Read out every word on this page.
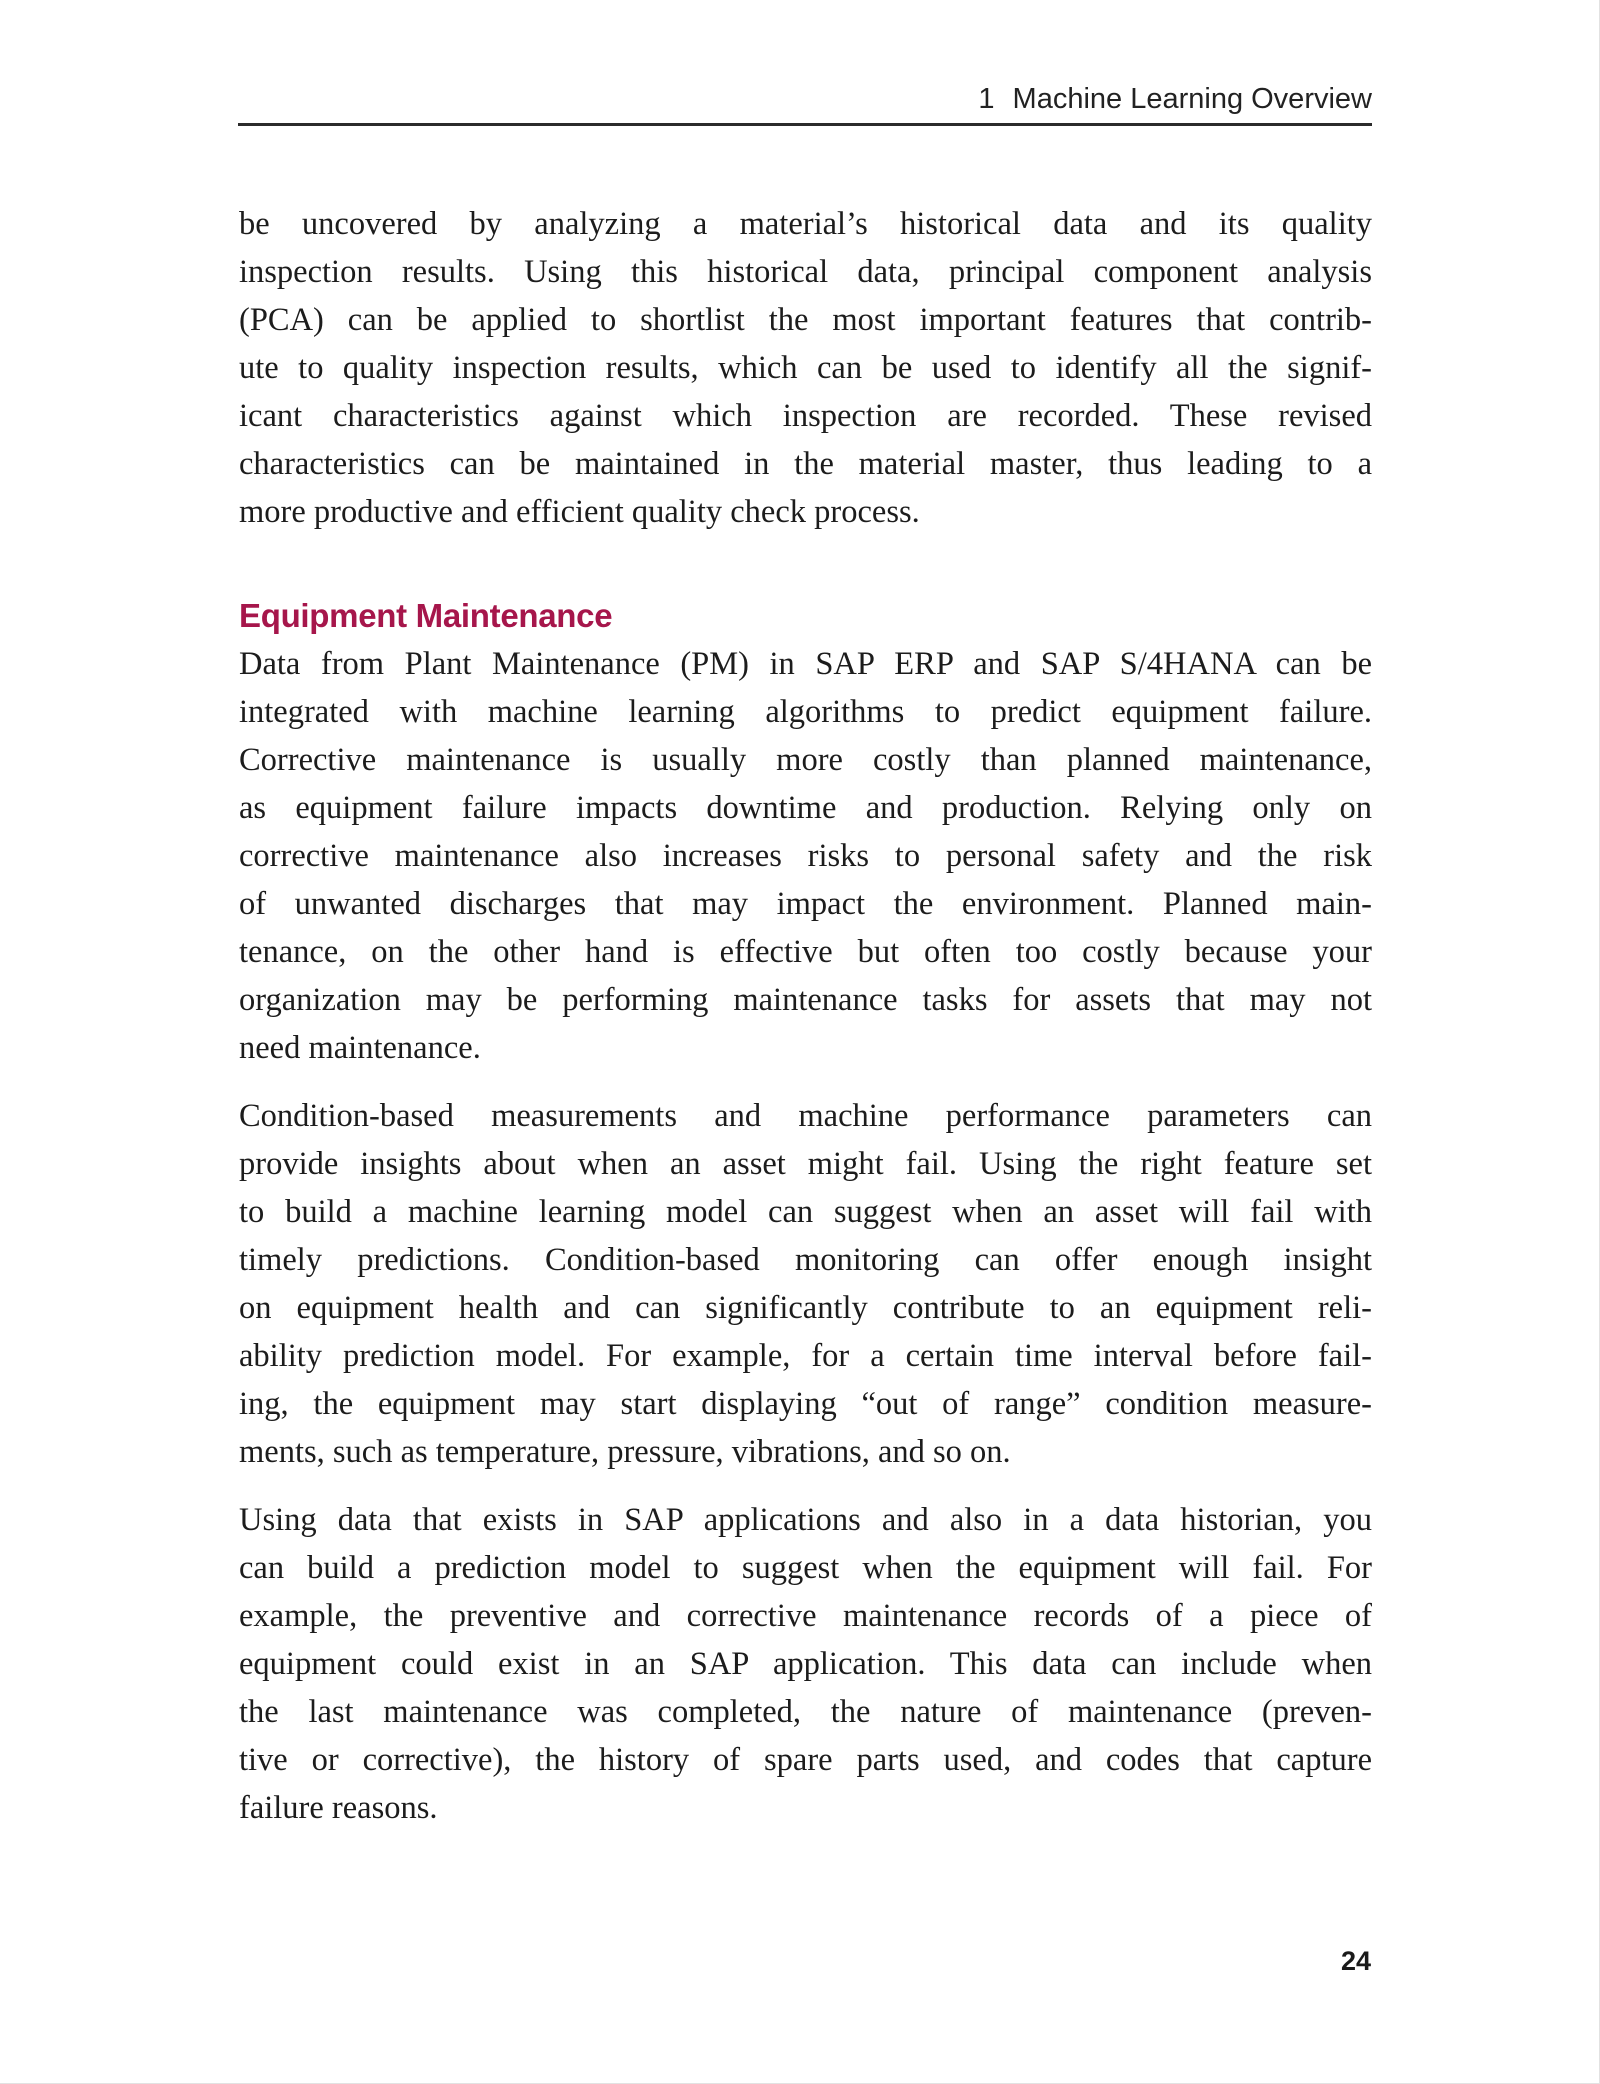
1 Machine Learning Overview

be uncovered by analyzing a material’s historical data and its quality
inspection results. Using this historical data, principal component analysis
(PCA) can be applied to shortlist the most important features that contrib-
ute to quality inspection results, which can be used to identify all the signif-
icant characteristics against which inspection are recorded. These revised
characteristics can be maintained in the material master, thus leading to a
more productive and efficient quality check process.

Equipment Maintenance

Data from Plant Maintenance (PM) in SAP ERP and SAP S/4HANA can be
integrated with machine learning algorithms to predict equipment failure.
Corrective maintenance is usually more costly than planned maintenance,
as equipment failure impacts downtime and production. Relying only on
corrective maintenance also increases risks to personal safety and the risk
of unwanted discharges that may impact the environment. Planned main-
tenance, on the other hand is effective but often too costly because your
organization may be performing maintenance tasks for assets that may not
need maintenance.

Condition-based measurements and machine performance parameters can
provide insights about when an asset might fail. Using the right feature set
to build a machine learning model can suggest when an asset will fail with
timely predictions. Condition-based monitoring can offer enough insight
on equipment health and can significantly contribute to an equipment reli-
ability prediction model. For example, for a certain time interval before fail-
ing, the equipment may start displaying “out of range” condition measure-
ments, such as temperature, pressure, vibrations, and so on.

Using data that exists in SAP applications and also in a data historian, you
can build a prediction model to suggest when the equipment will fail. For
example, the preventive and corrective maintenance records of a piece of
equipment could exist in an SAP application. This data can include when
the last maintenance was completed, the nature of maintenance (preven-
tive or corrective), the history of spare parts used, and codes that capture
failure reasons.

24
